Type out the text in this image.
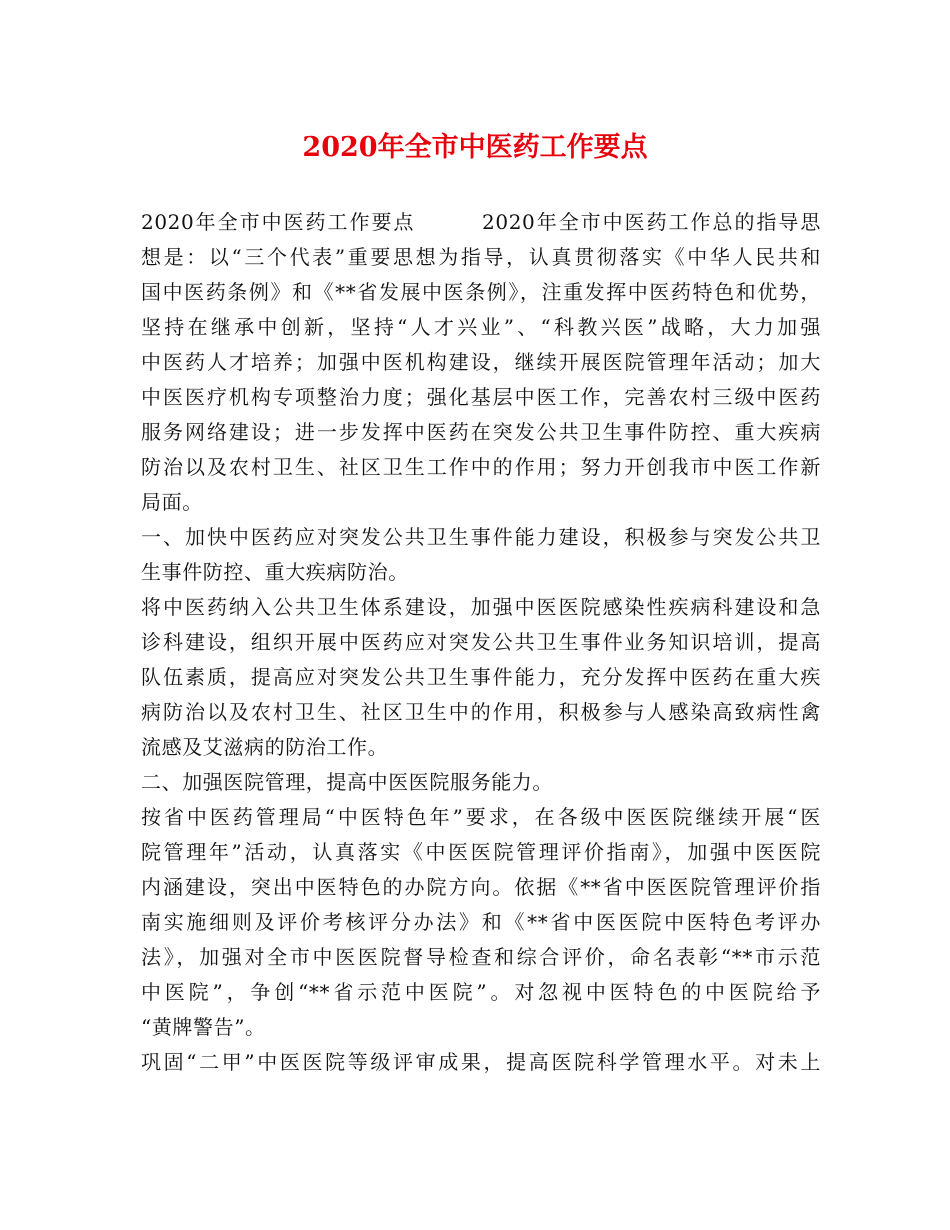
2020年全市中医药工作要点
2020年全市中医药工作要点        2020年全市中医药工作总的指导思
想是：以“三个代表”重要思想为指导，认真贯彻落实《中华人民共和
国中医药条例》和《**省发展中医条例》，注重发挥中医药特色和优势，
坚持在继承中创新，坚持“人才兴业”、“科教兴医”战略，大力加强
中医药人才培养；加强中医机构建设，继续开展医院管理年活动；加大
中医医疗机构专项整治力度；强化基层中医工作，完善农村三级中医药
服务网络建设；进一步发挥中医药在突发公共卫生事件防控、重大疾病
防治以及农村卫生、社区卫生工作中的作用；努力开创我市中医工作新
局面。
一、加快中医药应对突发公共卫生事件能力建设，积极参与突发公共卫
生事件防控、重大疾病防治。
将中医药纳入公共卫生体系建设，加强中医医院感染性疾病科建设和急
诊科建设，组织开展中医药应对突发公共卫生事件业务知识培训，提高
队伍素质，提高应对突发公共卫生事件能力，充分发挥中医药在重大疾
病防治以及农村卫生、社区卫生中的作用，积极参与人感染高致病性禽
流感及艾滋病的防治工作。
二、加强医院管理，提高中医医院服务能力。
按省中医药管理局“中医特色年”要求，在各级中医医院继续开展“医
院管理年”活动，认真落实《中医医院管理评价指南》，加强中医医院
内涵建设，突出中医特色的办院方向。依据《**省中医医院管理评价指
南实施细则及评价考核评分办法》和《**省中医医院中医特色考评办
法》，加强对全市中医医院督导检查和综合评价，命名表彰“**市示范
中医院”，争创“**省示范中医院”。对忽视中医特色的中医院给予
“黄牌警告”。
巩固“二甲”中医医院等级评审成果，提高医院科学管理水平。对未上
